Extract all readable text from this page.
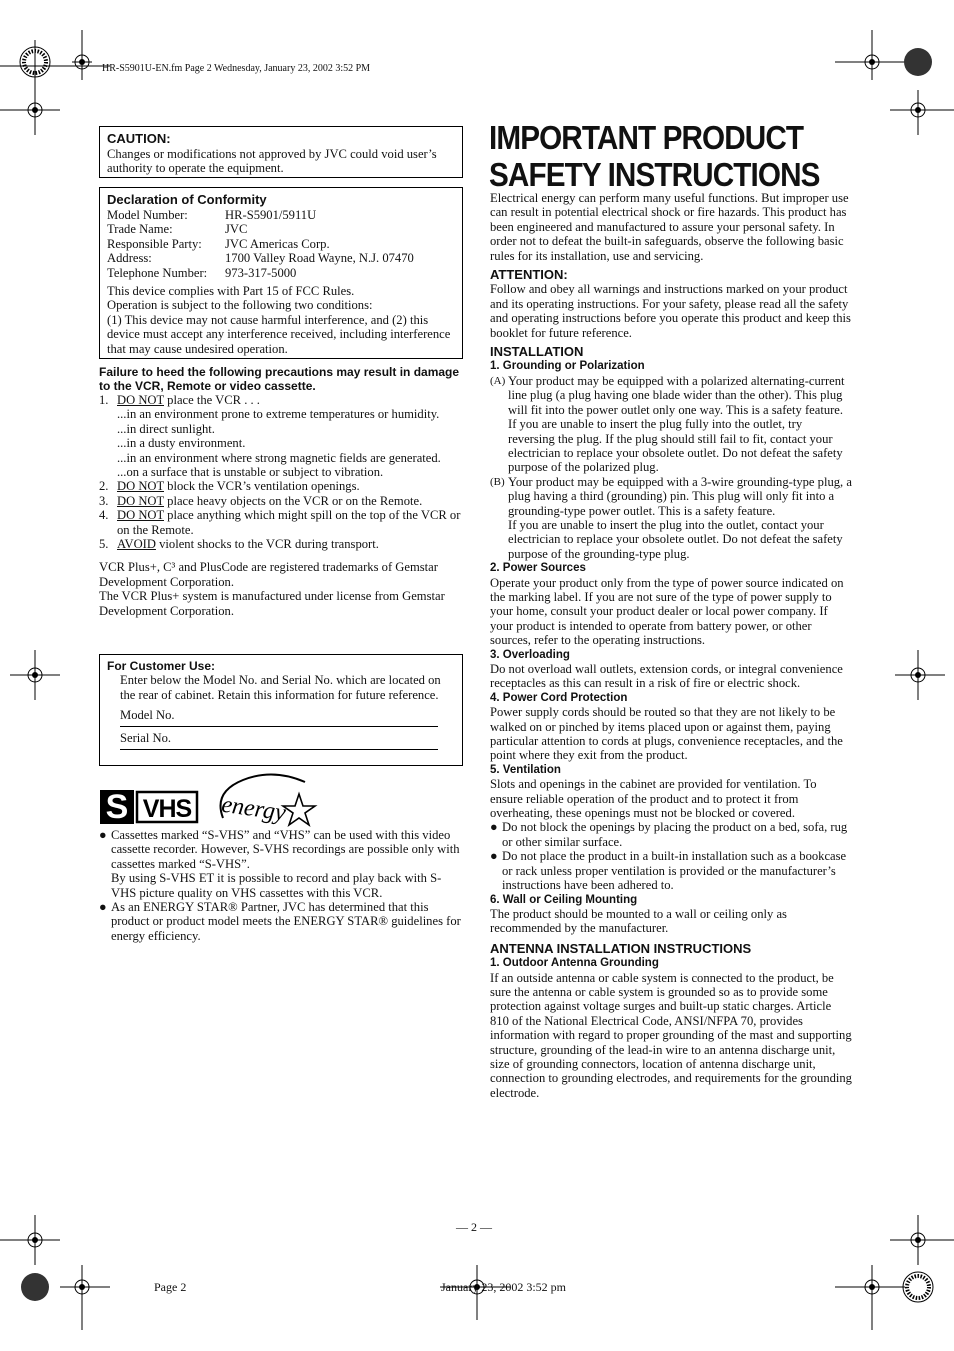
HR-S5901U-EN.fm Page 2 Wednesday, January 23, 2002 3:52 PM
CAUTION:

Changes or modifications not approved by JVC could void user’s authority to operate the equipment.

Declaration of Conformity
Model Number:	HR-S5901/5911U
Trade Name:	JVC
Responsible Party:	JVC Americas Corp.
Address:	1700 Valley Road Wayne, N.J. 07470
Telephone Number:	973-317-5000

This device complies with Part 15 of FCC Rules.

Operation is subject to the following two conditions:

(1) This device may not cause harmful interference, and (2) this device must accept any interference received, including interference that may cause undesired operation.

Failure to heed the following precautions may result in damage to the VCR, Remote or video cassette.

1. DO NOT place the VCR . . .

...in an environment prone to extreme temperatures or humidity.

...in direct sunlight.

...in a dusty environment.

...in an environment where strong magnetic fields are generated.

...on a surface that is unstable or subject to vibration.

2. DO NOT block the VCR’s ventilation openings.
3. DO NOT place heavy objects on the VCR or on the Remote.
4. DO NOT place anything which might spill on the top of the VCR or on the Remote.
5. AVOID violent shocks to the VCR during transport.

VCR Plus+, C³ and PlusCode are registered trademarks of Gemstar Development Corporation.

The VCR Plus+ system is manufactured under license from Gemstar Development Corporation.

For Customer Use:

Enter below the Model No. and Serial No. which are located on the rear of cabinet. Retain this information for future reference.

Model No.
Serial No.
S VHS energy
● Cassettes marked “S-VHS” and “VHS” can be used with this video cassette recorder. However, S-VHS recordings are possible only with cassettes marked “S-VHS”.

By using S-VHS ET it is possible to record and play back with S-VHS picture quality on VHS cassettes with this VCR.

● As an ENERGY STAR® Partner, JVC has determined that this product or product model meets the ENERGY STAR® guidelines for energy efficiency.

IMPORTANT PRODUCT SAFETY INSTRUCTIONS

Electrical energy can perform many useful functions. But improper use can result in potential electrical shock or fire hazards. This product has been engineered and manufactured to assure your personal safety. In order not to defeat the built-in safeguards, observe the following basic rules for its installation, use and servicing.

ATTENTION:

Follow and obey all warnings and instructions marked on your product and its operating instructions. For your safety, please read all the safety and operating instructions before you operate this product and keep this booklet for future reference.

INSTALLATION
1. Grounding or Polarization
(A) Your product may be equipped with a polarized alternating-current line plug (a plug having one blade wider than the other). This plug will fit into the power outlet only one way. This is a safety feature.

If you are unable to insert the plug fully into the outlet, try reversing the plug. If the plug should still fail to fit, contact your electrician to replace your obsolete outlet. Do not defeat the safety purpose of the polarized plug.

(B) Your product may be equipped with a 3-wire grounding-type plug, a plug having a third (grounding) pin. This plug will only fit into a grounding-type power outlet. This is a safety feature.

If you are unable to insert the plug into the outlet, contact your electrician to replace your obsolete outlet. Do not defeat the safety purpose of the grounding-type plug.

2. Power Sources

Operate your product only from the type of power source indicated on the marking label. If you are not sure of the type of power supply to your home, consult your product dealer or local power company. If your product is intended to operate from battery power, or other sources, refer to the operating instructions.

3. Overloading

Do not overload wall outlets, extension cords, or integral convenience receptacles as this can result in a risk of fire or electric shock.

4. Power Cord Protection

Power supply cords should be routed so that they are not likely to be walked on or pinched by items placed upon or against them, paying particular attention to cords at plugs, convenience receptacles, and the point where they exit from the product.

5. Ventilation

Slots and openings in the cabinet are provided for ventilation. To ensure reliable operation of the product and to protect it from overheating, these openings must not be blocked or covered.

● Do not block the openings by placing the product on a bed, sofa, rug or other similar surface.

● Do not place the product in a built-in installation such as a bookcase or rack unless proper ventilation is provided or the manufacturer’s instructions have been adhered to.

6. Wall or Ceiling Mounting

The product should be mounted to a wall or ceiling only as recommended by the manufacturer.

ANTENNA INSTALLATION INSTRUCTIONS
1. Outdoor Antenna Grounding

If an outside antenna or cable system is connected to the product, be sure the antenna or cable system is grounded so as to provide some protection against voltage surges and built-up static charges. Article 810 of the National Electrical Code, ANSI/NFPA 70, provides information with regard to proper grounding of the mast and supporting structure, grounding of the lead-in wire to an antenna discharge unit, size of grounding connectors, location of antenna discharge unit, connection to grounding electrodes, and requirements for the grounding electrode.

— 2 —
Page 2	January 23, 2002 3:52 pm
